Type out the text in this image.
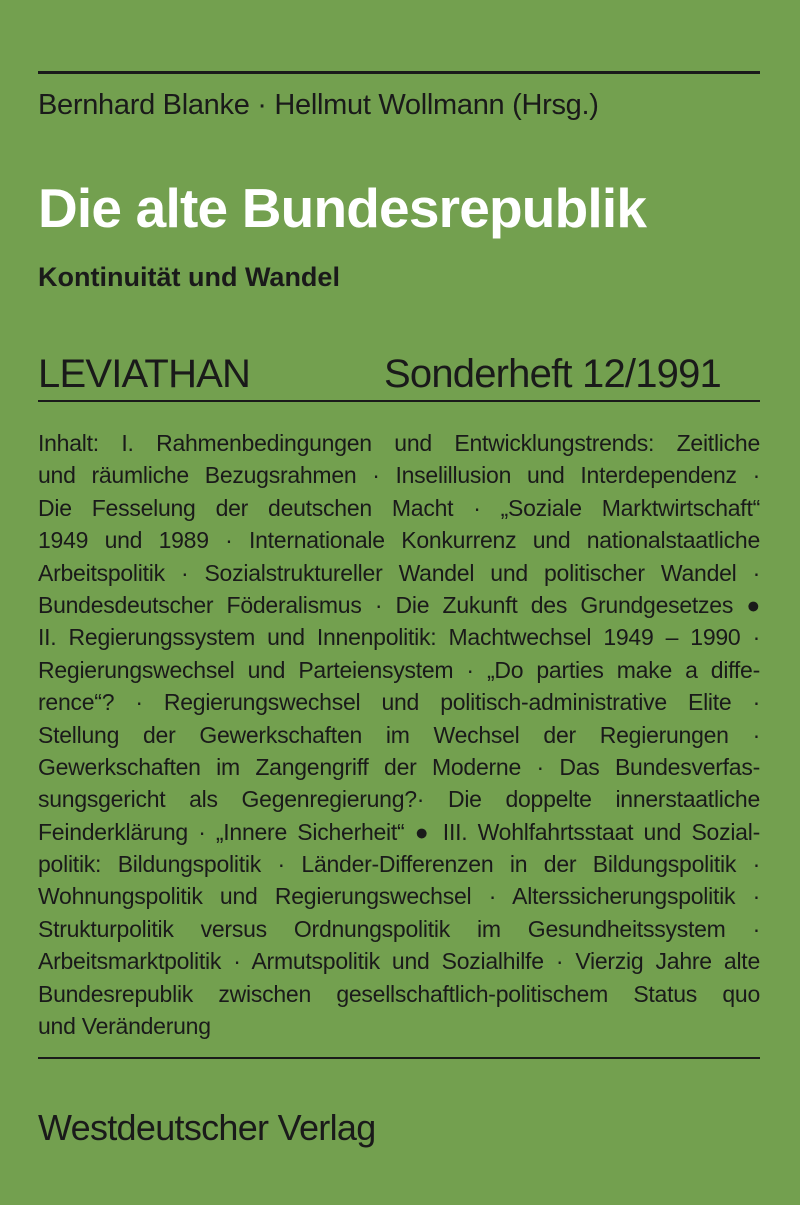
Bernhard Blanke · Hellmut Wollmann (Hrsg.)
Die alte Bundesrepublik
Kontinuität und Wandel
LEVIATHAN	Sonderheft 12/1991
Inhalt: I. Rahmenbedingungen und Entwicklungstrends: Zeitliche
und räumliche Bezugsrahmen · Inselillusion und Interdependenz ·
Die Fesselung der deutschen Macht · „Soziale Marktwirtschaft“
1949 und 1989 · Internationale Konkurrenz und nationalstaatliche
Arbeitspolitik · Sozialstruktureller Wandel und politischer Wandel ·
Bundesdeutscher Föderalismus · Die Zukunft des Grundgesetzes ●
II. Regierungssystem und Innenpolitik: Machtwechsel 1949 – 1990 ·
Regierungswechsel und Parteiensystem · „Do parties make a diffe-
rence“? · Regierungswechsel und politisch-administrative Elite ·
Stellung der Gewerkschaften im Wechsel der Regierungen ·
Gewerkschaften im Zangengriff der Moderne · Das Bundesverfas-
sungsgericht als Gegenregierung?· Die doppelte innerstaatliche
Feinderklärung · „Innere Sicherheit“ ● III. Wohlfahrtsstaat und Sozial-
politik: Bildungspolitik · Länder-Differenzen in der Bildungspolitik ·
Wohnungspolitik und Regierungswechsel · Alterssicherungspolitik ·
Strukturpolitik versus Ordnungspolitik im Gesundheitssystem ·
Arbeitsmarktpolitik · Armutspolitik und Sozialhilfe · Vierzig Jahre alte
Bundesrepublik zwischen gesellschaftlich-politischem Status quo
und Veränderung
Westdeutscher Verlag
